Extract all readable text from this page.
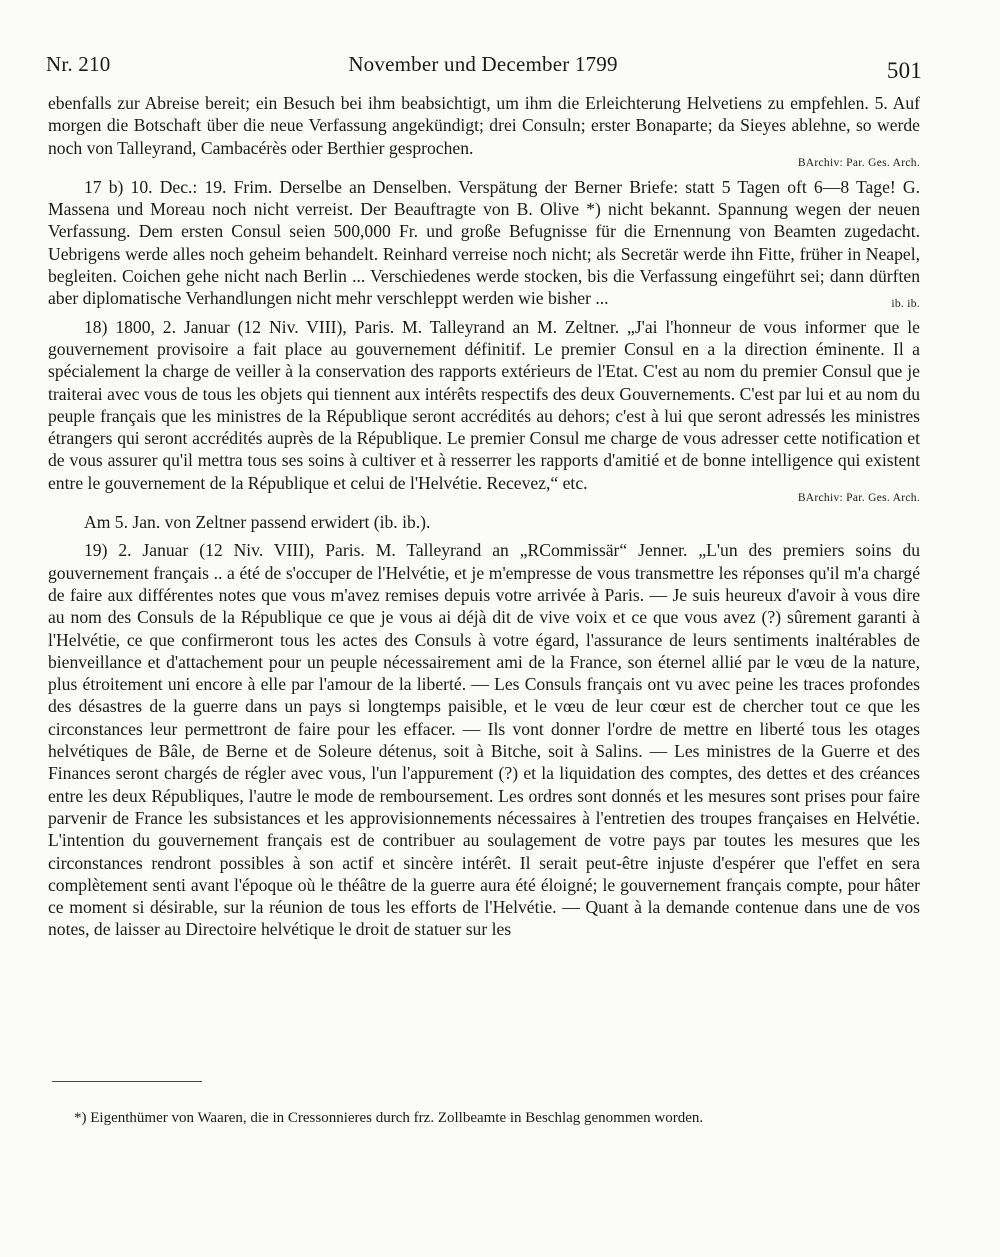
Nr. 210	November und December 1799	501

ebenfalls zur Abreise bereit; ein Besuch bei ihm beabsichtigt, um ihm die Erleichterung Helvetiens zu empfehlen. 5. Auf morgen die Botschaft über die neue Verfassung angekündigt; drei Consuln; erster Bonaparte; da Sieyes ablehne, so werde noch von Talleyrand, Cambacérès oder Berthier gesprochen.

BArchiv: Par. Ges. Arch.

17 b) 10. Dec.: 19. Frim. Derselbe an Denselben. Verspätung der Berner Briefe: statt 5 Tagen oft 6—8 Tage! G. Massena und Moreau noch nicht verreist. Der Beauftragte von B. Olive *) nicht bekannt. Spannung wegen der neuen Verfassung. Dem ersten Consul seien 500,000 Fr. und große Befugnisse für die Ernennung von Beamten zugedacht. Uebrigens werde alles noch geheim behandelt. Reinhard verreise noch nicht; als Secretär werde ihn Fitte, früher in Neapel, begleiten. Coichen gehe nicht nach Berlin ... Verschiedenes werde stocken, bis die Verfassung eingeführt sei; dann dürften aber diplomatische Verhandlungen nicht mehr verschleppt werden wie bisher ...	ib. ib.

18) 1800, 2. Januar (12 Niv. VIII), Paris. M. Talleyrand an M. Zeltner. „J'ai l'honneur de vous informer que le gouvernement provisoire a fait place au gouvernement définitif. Le premier Consul en a la direction éminente. Il a spécialement la charge de veiller à la conservation des rapports extérieurs de l'Etat. C'est au nom du premier Consul que je traiterai avec vous de tous les objets qui tiennent aux intérêts respectifs des deux Gouvernements. C'est par lui et au nom du peuple français que les ministres de la République seront accrédités au dehors; c'est à lui que seront adressés les ministres étrangers qui seront accrédités auprès de la République. Le premier Consul me charge de vous adresser cette notification et de vous assurer qu'il mettra tous ses soins à cultiver et à resserrer les rapports d'amitié et de bonne intelligence qui existent entre le gouvernement de la République et celui de l'Helvétie. Recevez,“ etc.

BArchiv: Par. Ges. Arch.

Am 5. Jan. von Zeltner passend erwidert (ib. ib.).

19) 2. Januar (12 Niv. VIII), Paris. M. Talleyrand an „RCommissär“ Jenner. „L'un des premiers soins du gouvernement français .. a été de s'occuper de l'Helvétie, et je m'empresse de vous transmettre les réponses qu'il m'a chargé de faire aux différentes notes que vous m'avez remises depuis votre arrivée à Paris. — Je suis heureux d'avoir à vous dire au nom des Consuls de la République ce que je vous ai déjà dit de vive voix et ce que vous avez (?) sûrement garanti à l'Helvétie, ce que confirmeront tous les actes des Consuls à votre égard, l'assurance de leurs sentiments inaltérables de bienveillance et d'attachement pour un peuple nécessairement ami de la France, son éternel allié par le vœu de la nature, plus étroitement uni encore à elle par l'amour de la liberté. — Les Consuls français ont vu avec peine les traces profondes des désastres de la guerre dans un pays si longtemps paisible, et le vœu de leur cœur est de chercher tout ce que les circonstances leur permettront de faire pour les effacer. — Ils vont donner l'ordre de mettre en liberté tous les otages helvétiques de Bâle, de Berne et de Soleure détenus, soit à Bitche, soit à Salins. — Les ministres de la Guerre et des Finances seront chargés de régler avec vous, l'un l'appurement (?) et la liquidation des comptes, des dettes et des créances entre les deux Républiques, l'autre le mode de remboursement. Les ordres sont donnés et les mesures sont prises pour faire parvenir de France les subsistances et les approvisionnements nécessaires à l'entretien des troupes françaises en Helvétie. L'intention du gouvernement français est de contribuer au soulagement de votre pays par toutes les mesures que les circonstances rendront possibles à son actif et sincère intérêt. Il serait peut-être injuste d'espérer que l'effet en sera complètement senti avant l'époque où le théâtre de la guerre aura été éloigné; le gouvernement français compte, pour hâter ce moment si désirable, sur la réunion de tous les efforts de l'Helvétie. — Quant à la demande contenue dans une de vos notes, de laisser au Directoire helvétique le droit de statuer sur les

*) Eigenthümer von Waaren, die in Cressonnieres durch frz. Zollbeamte in Beschlag genommen worden.
